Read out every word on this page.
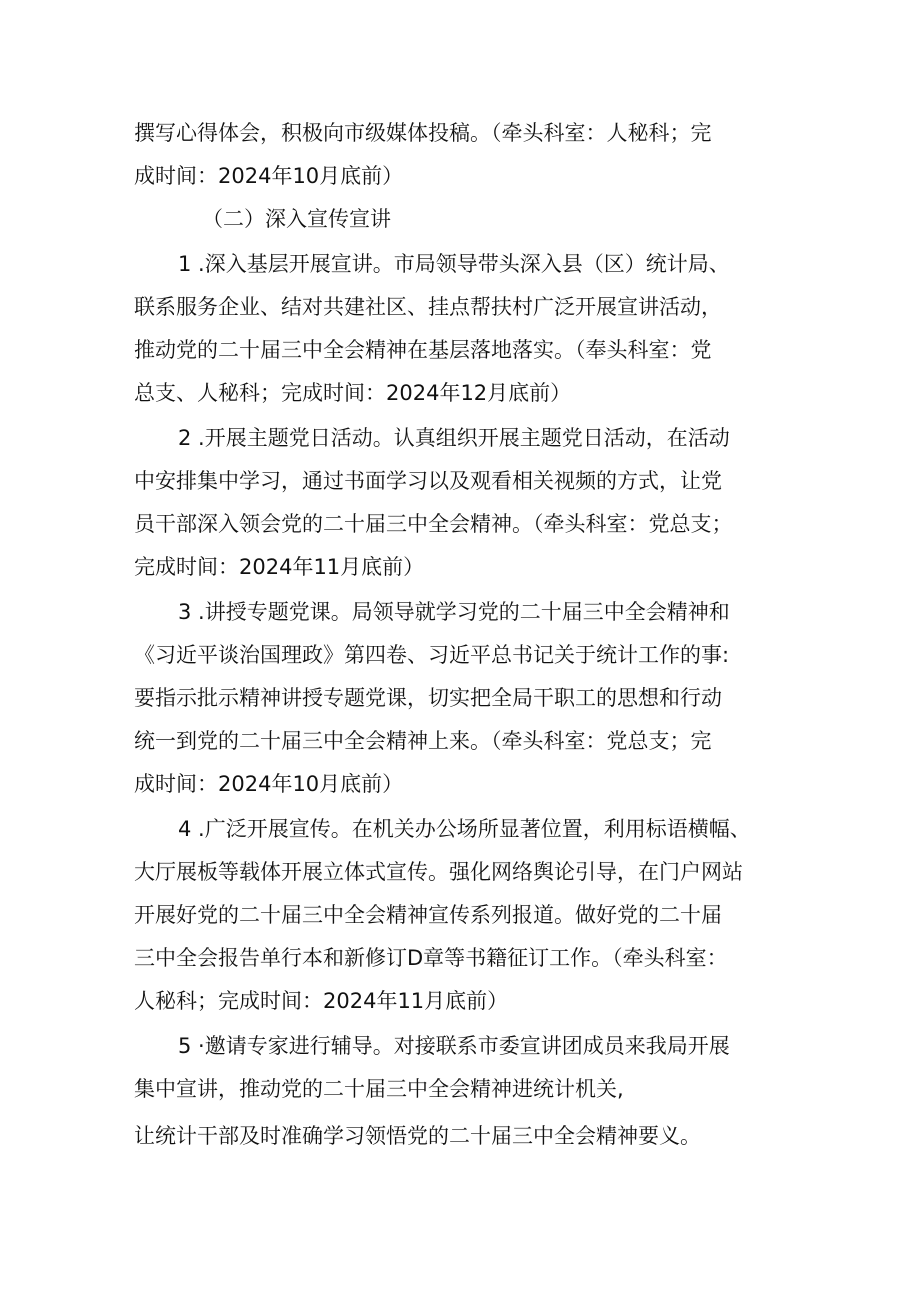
撰写心得体会，积极向市级媒体投稿。（牵头科室：人秘科；完
成时间：2024年10月底前）
（二）深入宣传宣讲
1 .深入基层开展宣讲。市局领导带头深入县（区）统计局、
联系服务企业、结对共建社区、挂点帮扶村广泛开展宣讲活动，
推动党的二十届三中全会精神在基层落地落实。（奉头科室：党
总支、人秘科；完成时间：2024年12月底前）
2 .开展主题党日活动。认真组织开展主题党日活动，在活动
中安排集中学习，通过书面学习以及观看相关视频的方式，让党
员干部深入领会党的二十届三中全会精神。（牵头科室：党总支；
完成时间：2024年11月底前）
3 .讲授专题党课。局领导就学习党的二十届三中全会精神和
《习近平谈治国理政》第四卷、习近平总书记关于统计工作的事:
要指示批示精神讲授专题党课，切实把全局干职工的思想和行动
统一到党的二十届三中全会精神上来。（牵头科室：党总支；完
成时间：2024年10月底前）
4 .广泛开展宣传。在机关办公场所显著位置，利用标语横幅、
大厅展板等载体开展立体式宣传。强化网络舆论引导，在门户网站
开展好党的二十届三中全会精神宣传系列报道。做好党的二十届
三中全会报告单行本和新修订D章等书籍征订工作。（牵头科室：
人秘科；完成时间：2024年11月底前）
5 ·邀请专家进行辅导。对接联系市委宣讲团成员来我局开展
集中宣讲，推动党的二十届三中全会精神进统计机关,
让统计干部及时准确学习领悟党的二十届三中全会精神要义。
